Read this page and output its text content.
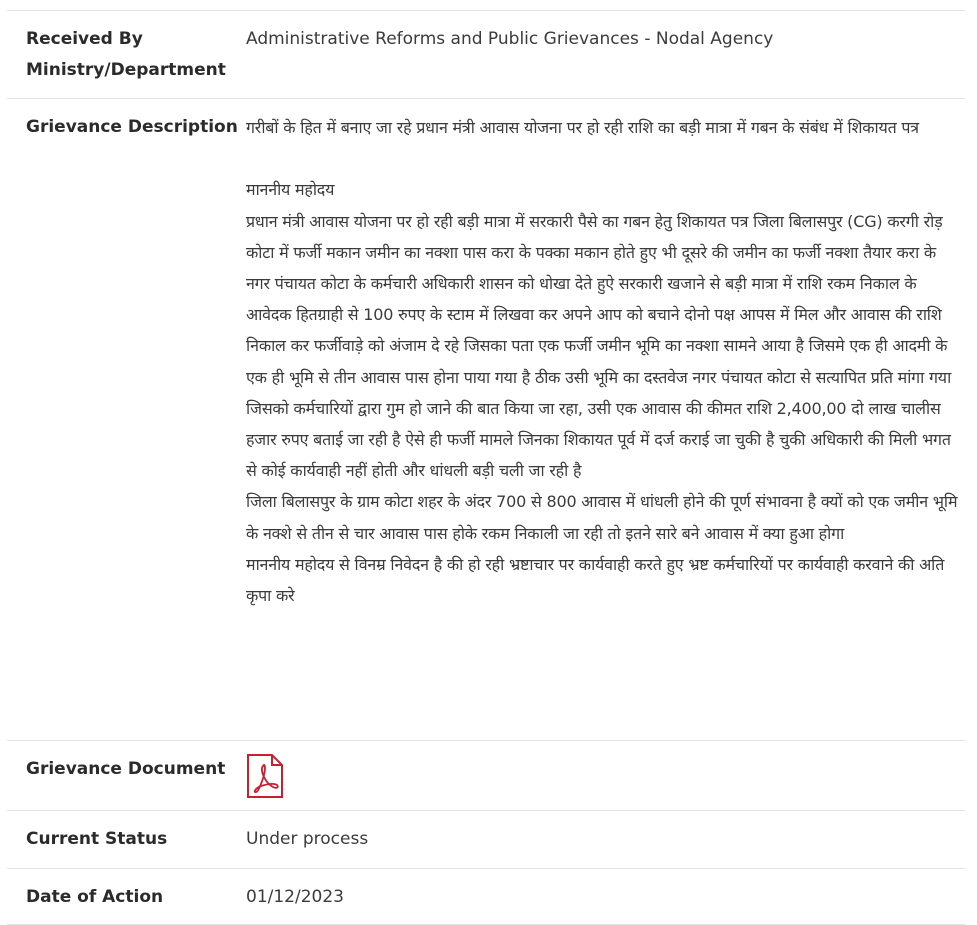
Received By Ministry/Department
Administrative Reforms and Public Grievances - Nodal Agency
Grievance Description गरीबों के हित में बनाए जा रहे प्रधान मंत्री आवास योजना पर हो रही राशि का बड़ी मात्रा में गबन के संबंध में शिकायत पत्र

माननीय महोदय
प्रधान मंत्री आवास योजना पर हो रही बड़ी मात्रा में सरकारी पैसे का गबन हेतु शिकायत पत्र जिला बिलासपुर (CG) करगी रोड़ कोटा में फर्जी मकान जमीन का नक्शा पास करा के पक्का मकान होते हुए भी दूसरे की जमीन का फर्जी नक्शा तैयार करा के नगर पंचायत कोटा के कर्मचारी अधिकारी शासन को धोखा देते हुऐ सरकारी खजाने से बड़ी मात्रा में राशि रकम निकाल के आवेदक हितग्राही से 100 रुपए के स्टाम में लिखवा कर अपने आप को बचाने दोनो पक्ष आपस में मिल और आवास की राशि निकाल कर फर्जीवाड़े को अंजाम दे रहे जिसका पता एक फर्जी जमीन भूमि का नक्शा सामने आया है जिसमे एक ही आदमी के एक ही भूमि से तीन आवास पास होना पाया गया है ठीक उसी भूमि का दस्तवेज नगर पंचायत कोटा से सत्यापित प्रति मांगा गया जिसको कर्मचारियों द्वारा गुम हो जाने की बात किया जा रहा, उसी एक आवास की कीमत राशि 2,400,00 दो लाख चालीस हजार रुपए बताई जा रही है ऐसे ही फर्जी मामले जिनका शिकायत पूर्व में दर्ज कराई जा चुकी है चुकी अधिकारी की मिली भगत से कोई कार्यवाही नहीं होती और धांधली बड़ी चली जा रही है
जिला बिलासपुर के ग्राम कोटा शहर के अंदर 700 से 800 आवास में धांधली होने की पूर्ण संभावना है क्यों को एक जमीन भूमि के नक्शे से तीन से चार आवास पास होके रकम निकाली जा रही तो इतने सारे बने आवास में क्या हुआ होगा
माननीय महोदय से विनम्र निवेदन है की हो रही भ्रष्टाचार पर कार्यवाही करते हुए भ्रष्ट कर्मचारियों पर कार्यवाही करवाने की अति कृपा करे
Grievance Document
Current Status	Under process
Date of Action	01/12/2023
